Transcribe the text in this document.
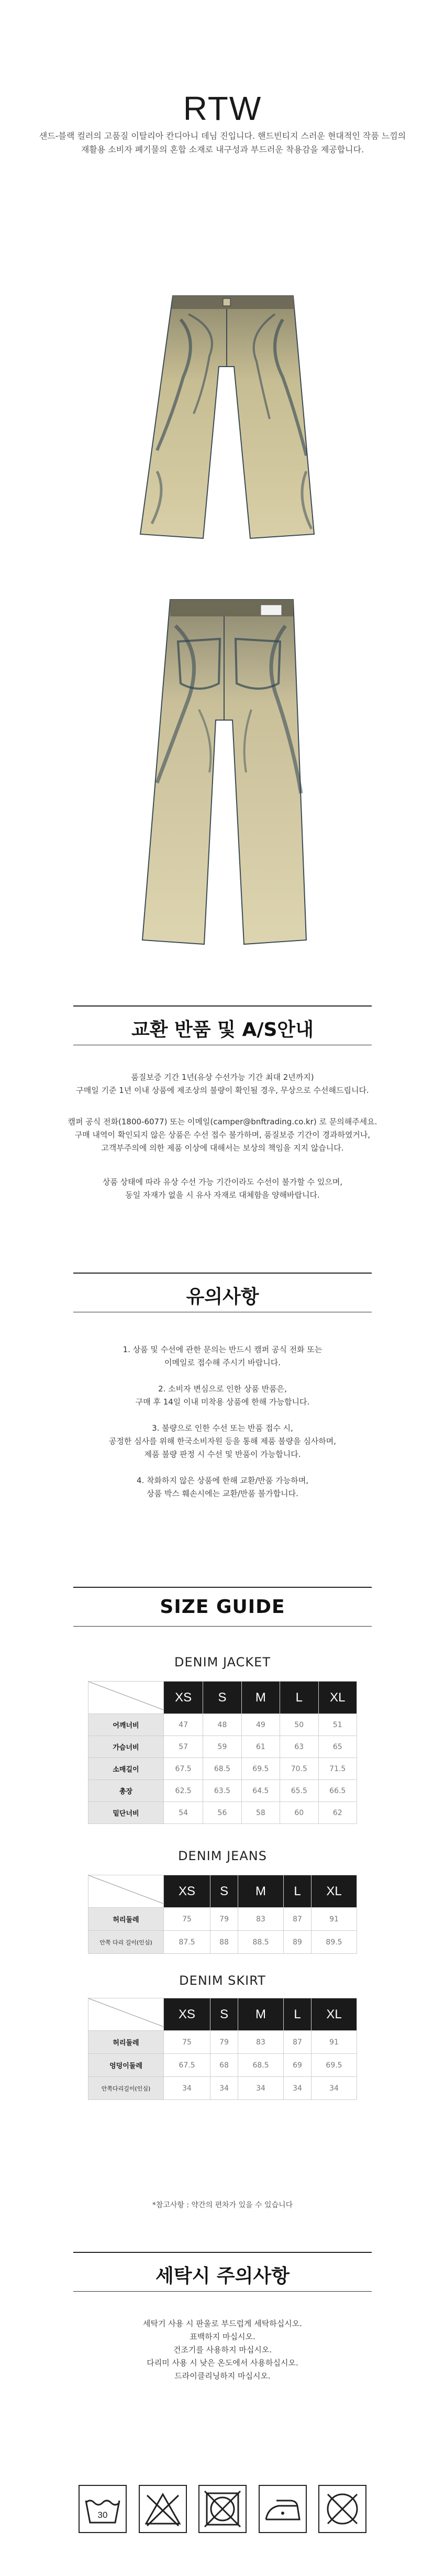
RTW
샌드-블랙 컬러의 고품질 이탈리아 칸디아니 데님 진입니다. 핸드빈티지 스러운 현대적인 작품 느낌의
재활용 소비자 폐기물의 혼합 소재로 내구성과 부드러운 착용감을 제공합니다.
교환 반품 및 A/S안내
품질보증 기간 1년(유상 수선가능 기간 최대 2년까지)
구매일 기준 1년 이내 상품에 제조상의 불량이 확인될 경우, 무상으로 수선해드립니다.
캠퍼 공식 전화(1800-6077) 또는 이메일(camper@bnftrading.co.kr) 로 문의해주세요.
구매 내역이 확인되지 않은 상품은 수선 접수 불가하며, 품질보증 기간이 경과하였거나,
고객부주의에 의한 제품 이상에 대해서는 보상의 책임을 지지 않습니다.
상품 상태에 따라 유상 수선 가능 기간이라도 수선이 불가할 수 있으며,
동일 자재가 없을 시 유사 자재로 대체함을 양해바랍니다.
유의사항
1. 상품 및 수선에 관한 문의는 반드시 캠퍼 공식 전화 또는
이메일로 접수해 주시기 바랍니다.
2. 소비자 변심으로 인한 상품 반품은,
구매 후 14일 이내 미착용 상품에 한해 가능합니다.
3. 불량으로 인한 수선 또는 반품 접수 시,
공정한 심사를 위해 한국소비자원 등을 통해 제품 불량을 심사하며,
제품 불량 판정 시 수선 및 반품이 가능합니다.
4. 착화하지 않은 상품에 한해 교환/반품 가능하며,
상품 박스 훼손시에는 교환/반품 불가합니다.
SIZE GUIDE
DENIM JACKET
	XS	S	M	L	XL
어깨너비	47	48	49	50	51
가슴너비	57	59	61	63	65
소매길이	67.5	68.5	69.5	70.5	71.5
총장	62.5	63.5	64.5	65.5	66.5
밑단너비	54	56	58	60	62
DENIM JEANS
	XS	S	M	L	XL
허리둘레	75	79	83	87	91
안쪽 다리 길이(인심)	87.5	88	88.5	89	89.5
DENIM SKIRT
	XS	S	M	L	XL
허리둘레	75	79	83	87	91
엉덩이둘레	67.5	68	68.5	69	69.5
안쪽다리길이(인심)	34	34	34	34	34
*참고사항 : 약간의 편차가 있을 수 있습니다
세탁시 주의사항
세탁기 사용 시 판울로 부드럽게 세탁하십시오.
표백하지 마십시오.
건조기를 사용하지 마십시오.
다리미 사용 시 낮은 온도에서 사용하십시오.
드라이클리닝하지 마십시오.
30
